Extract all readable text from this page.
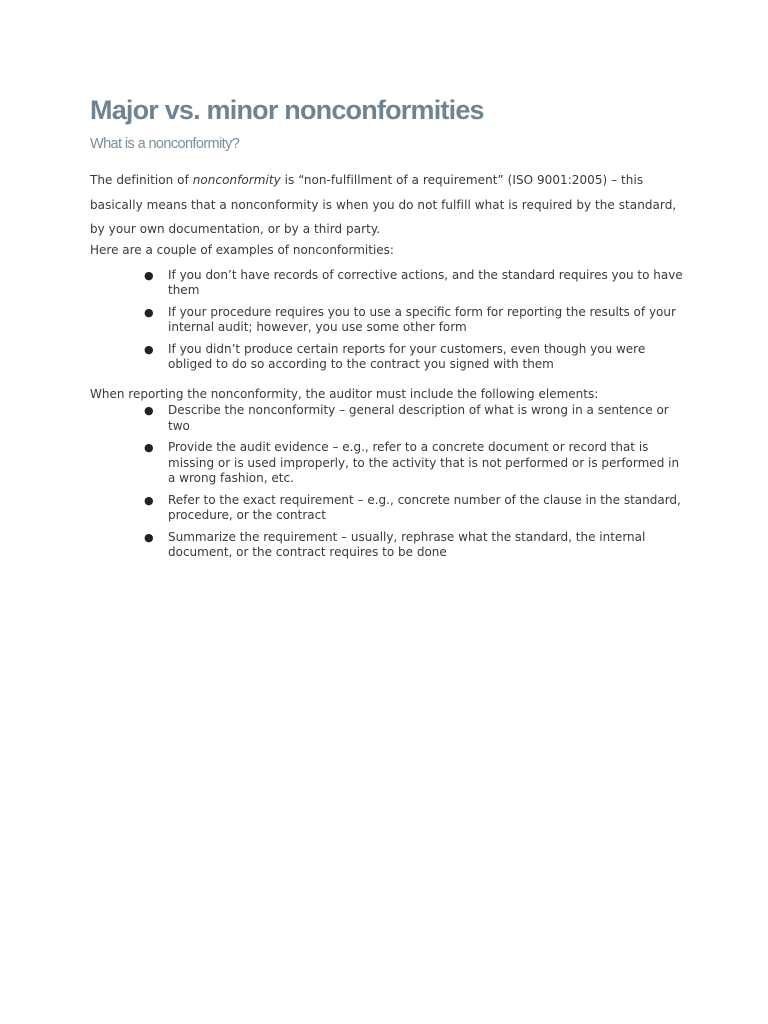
Major vs. minor nonconformities
What is a nonconformity?

The definition of nonconformity is “non-fulfillment of a requirement” (ISO 9001:2005) – this basically means that a nonconformity is when you do not fulfill what is required by the standard, by your own documentation, or by a third party.

Here are a couple of examples of nonconformities:

● If you don’t have records of corrective actions, and the standard requires you to have them
● If your procedure requires you to use a specific form for reporting the results of your internal audit; however, you use some other form
● If you didn’t produce certain reports for your customers, even though you were obliged to do so according to the contract you signed with them

When reporting the nonconformity, the auditor must include the following elements:

● Describe the nonconformity – general description of what is wrong in a sentence or two
● Provide the audit evidence – e.g., refer to a concrete document or record that is missing or is used improperly, to the activity that is not performed or is performed in a wrong fashion, etc.
● Refer to the exact requirement – e.g., concrete number of the clause in the standard, procedure, or the contract
● Summarize the requirement – usually, rephrase what the standard, the internal document, or the contract requires to be done
